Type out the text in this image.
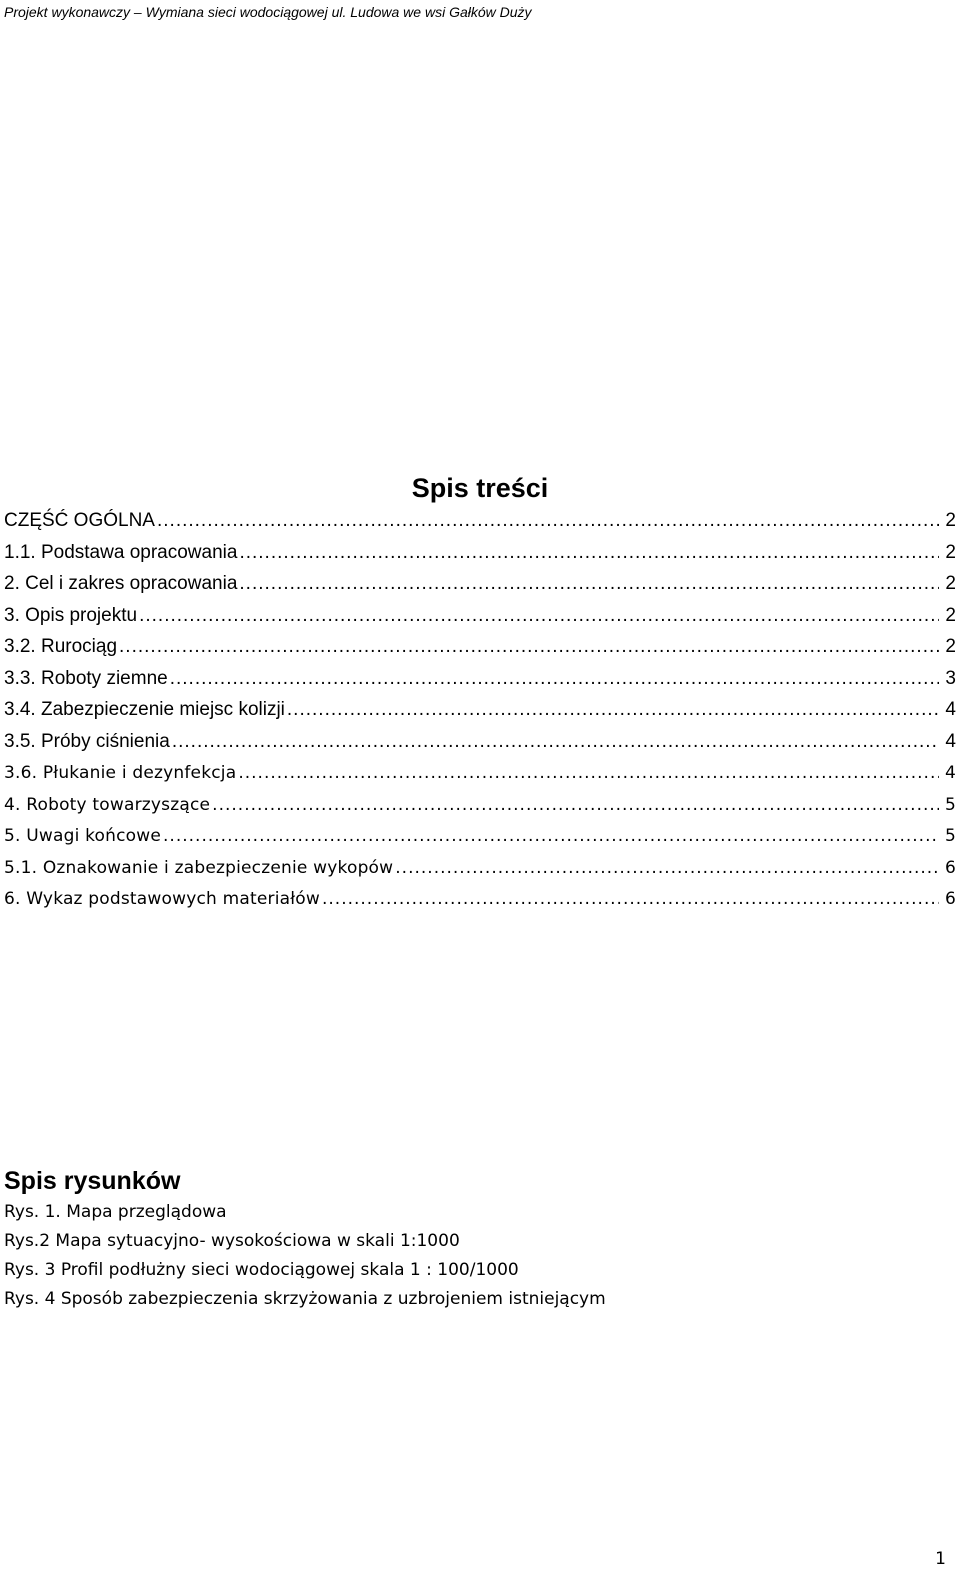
Projekt wykonawczy – Wymiana sieci wodociągowej ul. Ludowa we wsi Gałków Duży
Spis treści
CZĘŚĆ OGÓLNA .....	2
1.1. Podstawa opracowania .....	2
2. Cel i zakres opracowania .....	2
3. Opis projektu .....	2
3.2. Rurociąg .....	2
3.3. Roboty ziemne .....	3
3.4. Zabezpieczenie miejsc kolizji .....	4
3.5. Próby ciśnienia .....	4
3.6. Płukanie i dezynfekcja .....	4
4. Roboty towarzyszące .....	5
5. Uwagi końcowe .....	5
5.1. Oznakowanie i zabezpieczenie wykopów .....	6
6. Wykaz podstawowych materiałów .....	6
Spis rysunków
Rys. 1. Mapa przeglądowa
Rys.2 Mapa sytuacyjno- wysokościowa w skali 1:1000
Rys. 3 Profil podłużny sieci wodociągowej skala 1 : 100/1000
Rys. 4 Sposób zabezpieczenia skrzyżowania z uzbrojeniem istniejącym
1
